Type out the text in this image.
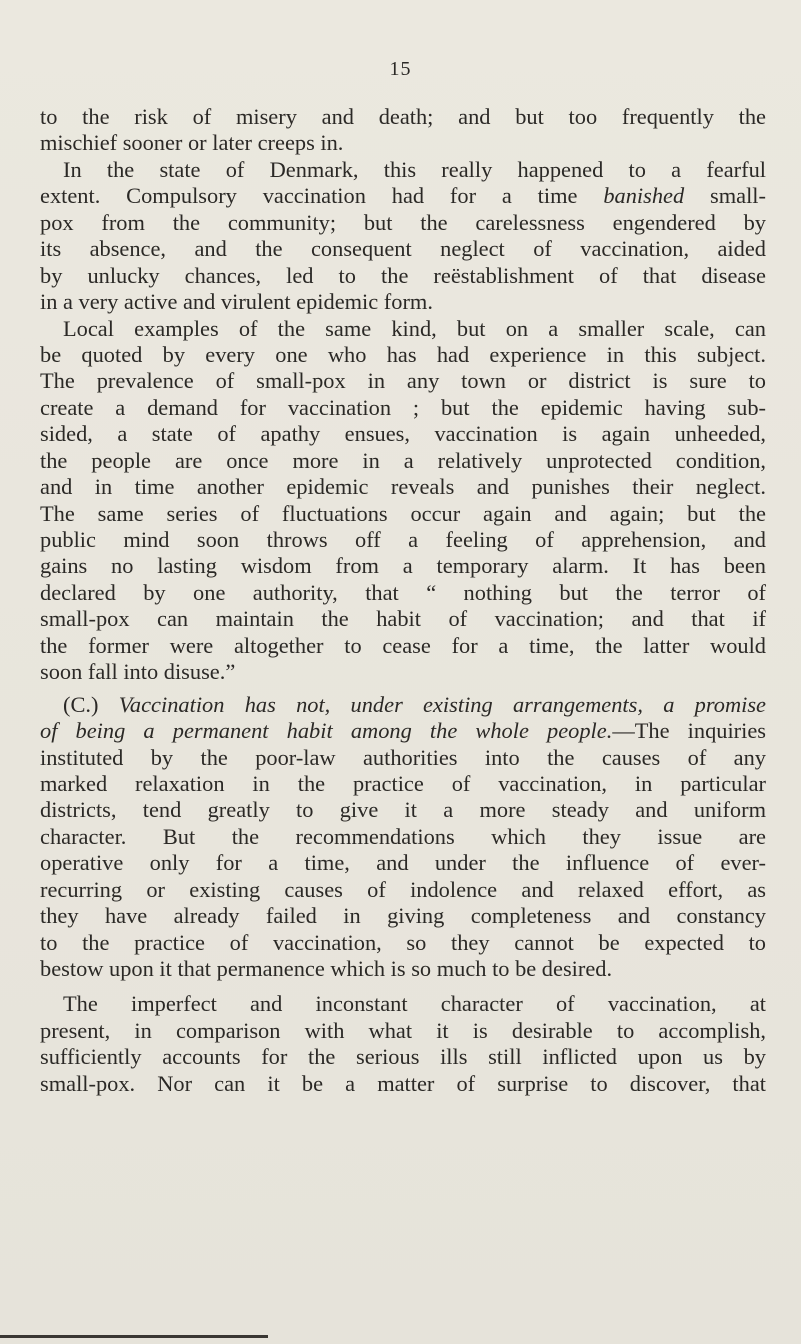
15
to the risk of misery and death; and but too frequently the
mischief sooner or later creeps in.
In the state of Denmark, this really happened to a fearful
extent. Compulsory vaccination had for a time banished small-
pox from the community; but the carelessness engendered by
its absence, and the consequent neglect of vaccination, aided
by unlucky chances, led to the reëstablishment of that disease
in a very active and virulent epidemic form.
Local examples of the same kind, but on a smaller scale, can
be quoted by every one who has had experience in this subject.
The prevalence of small-pox in any town or district is sure to
create a demand for vaccination ; but the epidemic having sub-
sided, a state of apathy ensues, vaccination is again unheeded,
the people are once more in a relatively unprotected condition,
and in time another epidemic reveals and punishes their neglect.
The same series of fluctuations occur again and again; but the
public mind soon throws off a feeling of apprehension, and
gains no lasting wisdom from a temporary alarm. It has been
declared by one authority, that “ nothing but the terror of
small-pox can maintain the habit of vaccination; and that if
the former were altogether to cease for a time, the latter would
soon fall into disuse.”
(C.) Vaccination has not, under existing arrangements, a promise
of being a permanent habit among the whole people.—The inquiries
instituted by the poor-law authorities into the causes of any
marked relaxation in the practice of vaccination, in particular
districts, tend greatly to give it a more steady and uniform
character. But the recommendations which they issue are
operative only for a time, and under the influence of ever-
recurring or existing causes of indolence and relaxed effort, as
they have already failed in giving completeness and constancy
to the practice of vaccination, so they cannot be expected to
bestow upon it that permanence which is so much to be desired.
The imperfect and inconstant character of vaccination, at
present, in comparison with what it is desirable to accomplish,
sufficiently accounts for the serious ills still inflicted upon us by
small-pox. Nor can it be a matter of surprise to discover, that
